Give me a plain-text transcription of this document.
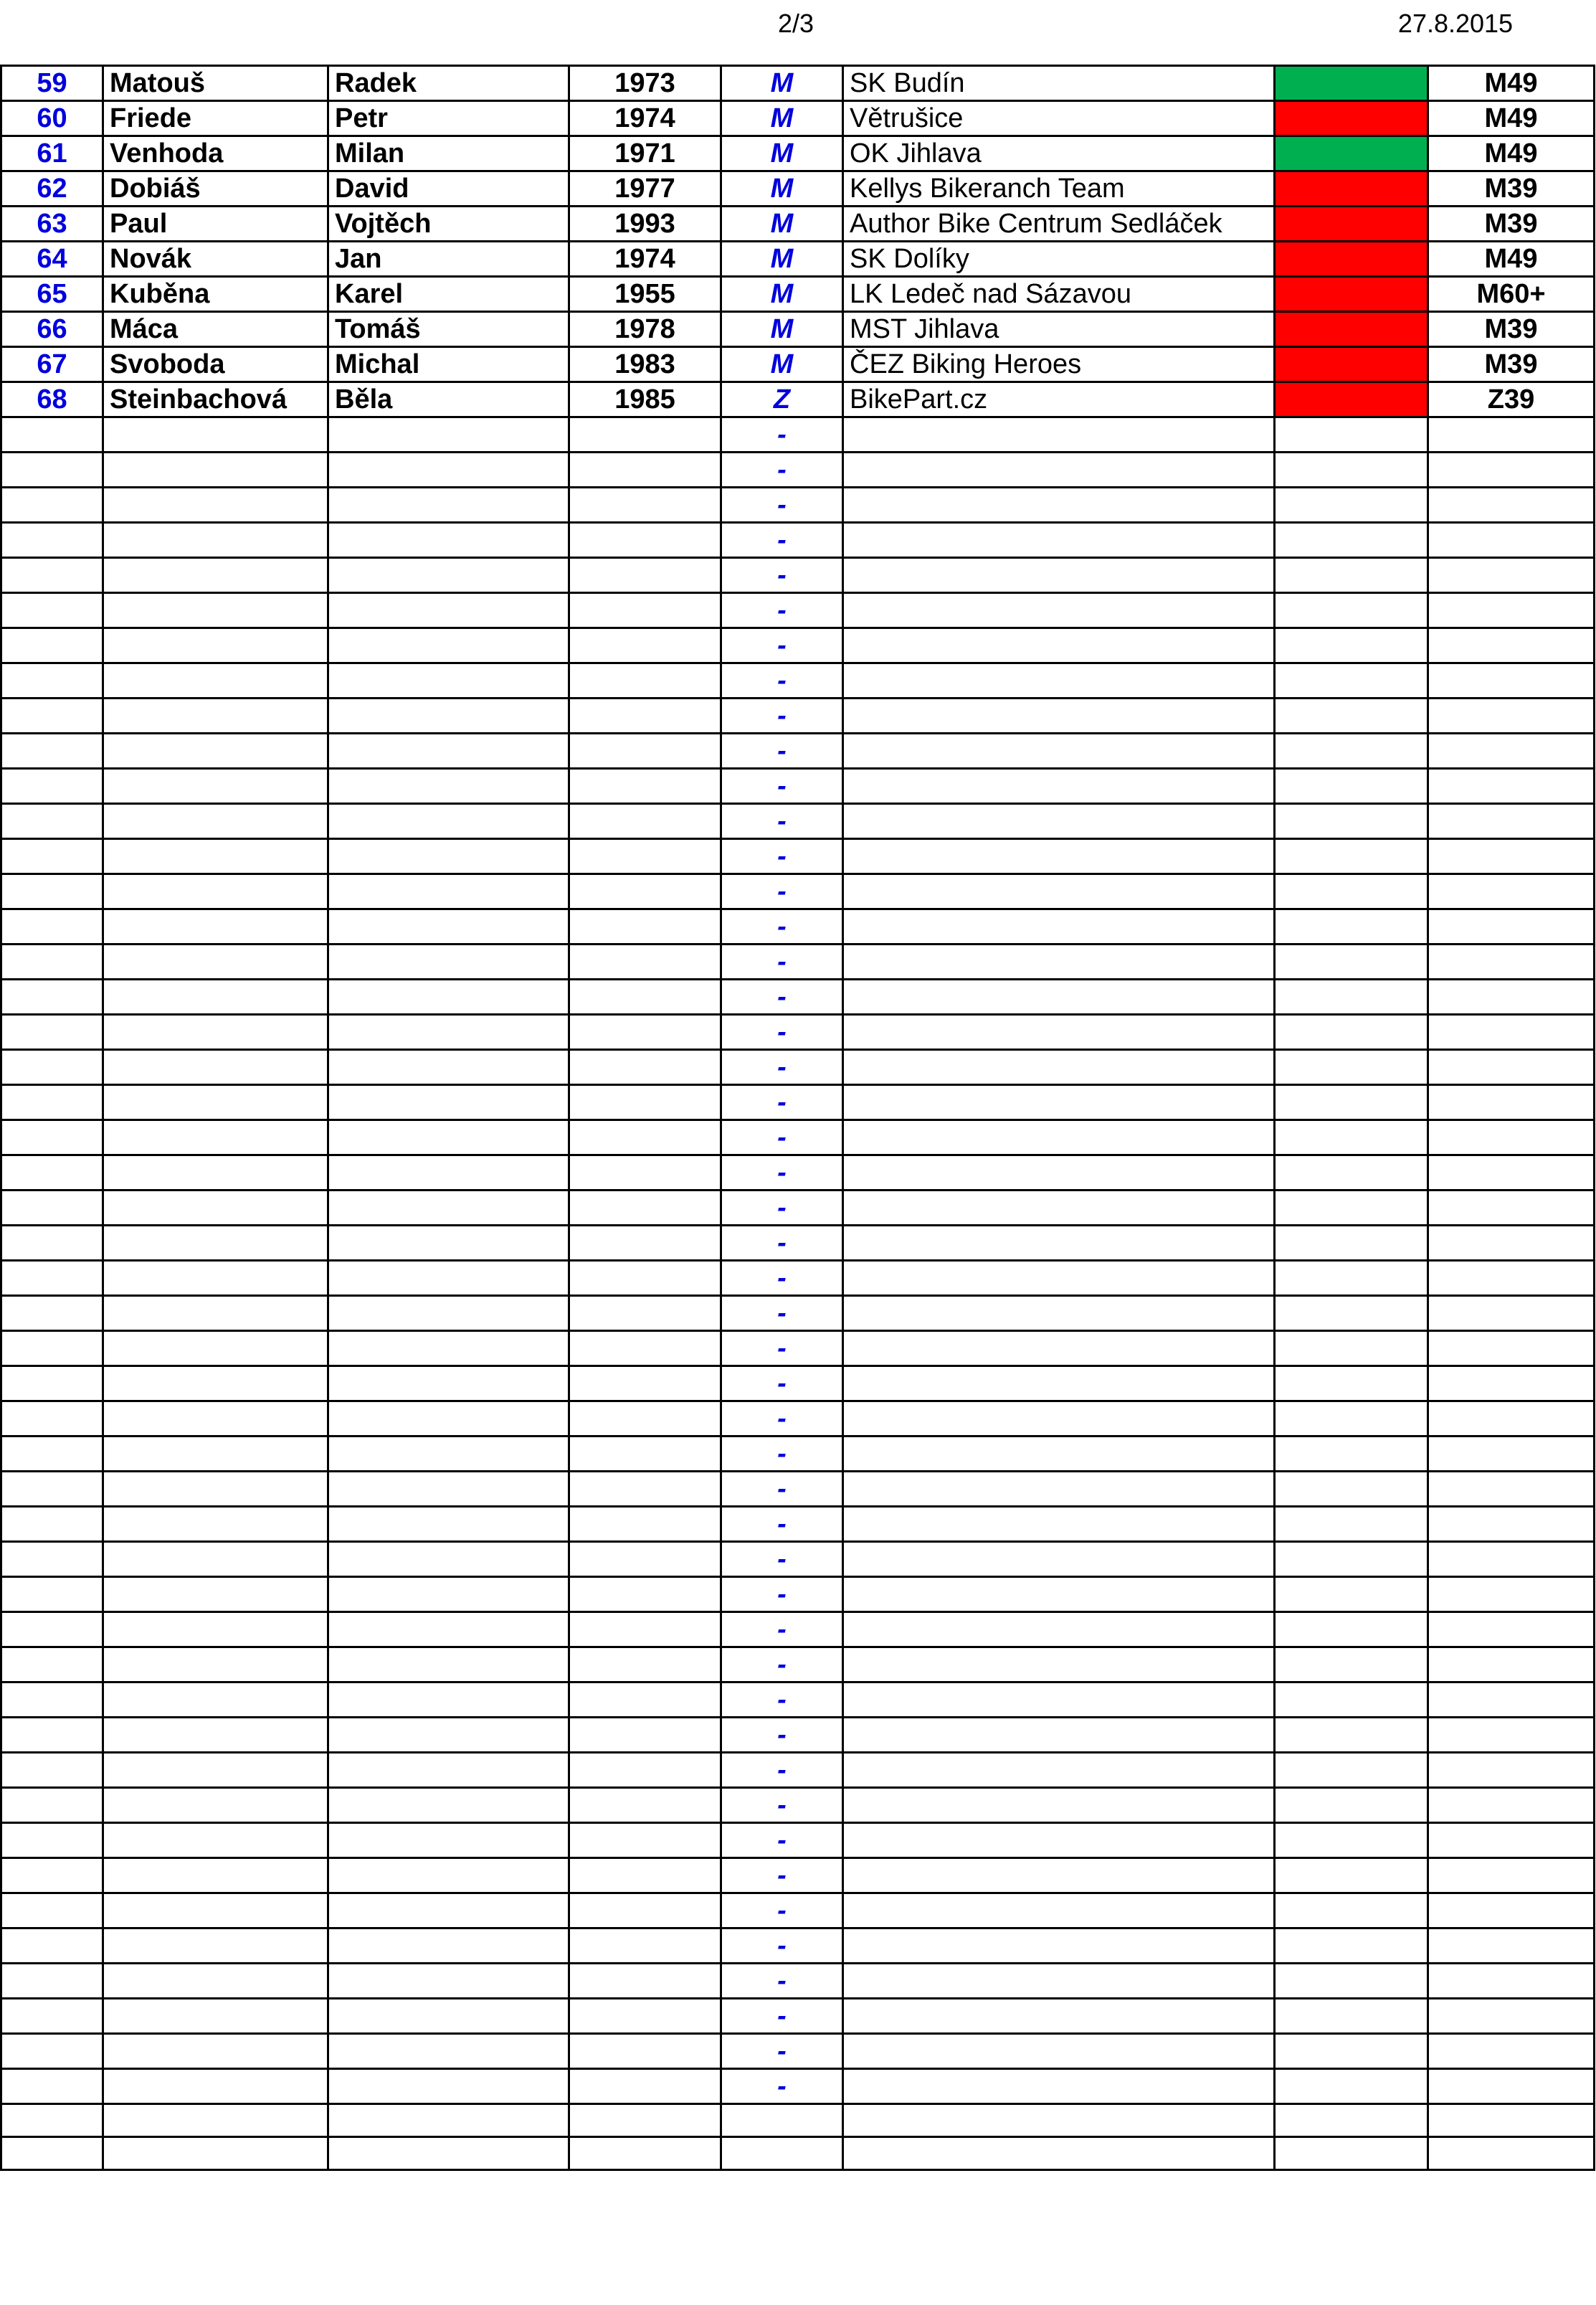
2/3	27.8.2015
59	Matouš	Radek	1973	M	SK Budín		M49
60	Friede	Petr	1974	M	Větrušice		M49
61	Venhoda	Milan	1971	M	OK Jihlava		M49
62	Dobiáš	David	1977	M	Kellys Bikeranch Team		M39
63	Paul	Vojtěch	1993	M	Author Bike Centrum Sedláček		M39
64	Novák	Jan	1974	M	SK Dolíky		M49
65	Kuběna	Karel	1955	M	LK Ledeč nad Sázavou		M60+
66	Máca	Tomáš	1978	M	MST Jihlava		M39
67	Svoboda	Michal	1983	M	ČEZ Biking Heroes		M39
68	Steinbachová	Běla	1985	Z	BikePart.cz		Z39
				-			
				-			
				-			
				-			
				-			
				-			
				-			
				-			
				-			
				-			
				-			
				-			
				-			
				-			
				-			
				-			
				-			
				-			
				-			
				-			
				-			
				-			
				-			
				-			
				-			
				-			
				-			
				-			
				-			
				-			
				-			
				-			
				-			
				-			
				-			
				-			
				-			
				-			
				-			
				-			
				-			
				-			
				-			
				-			
				-			
				-			
				-			
				-			
